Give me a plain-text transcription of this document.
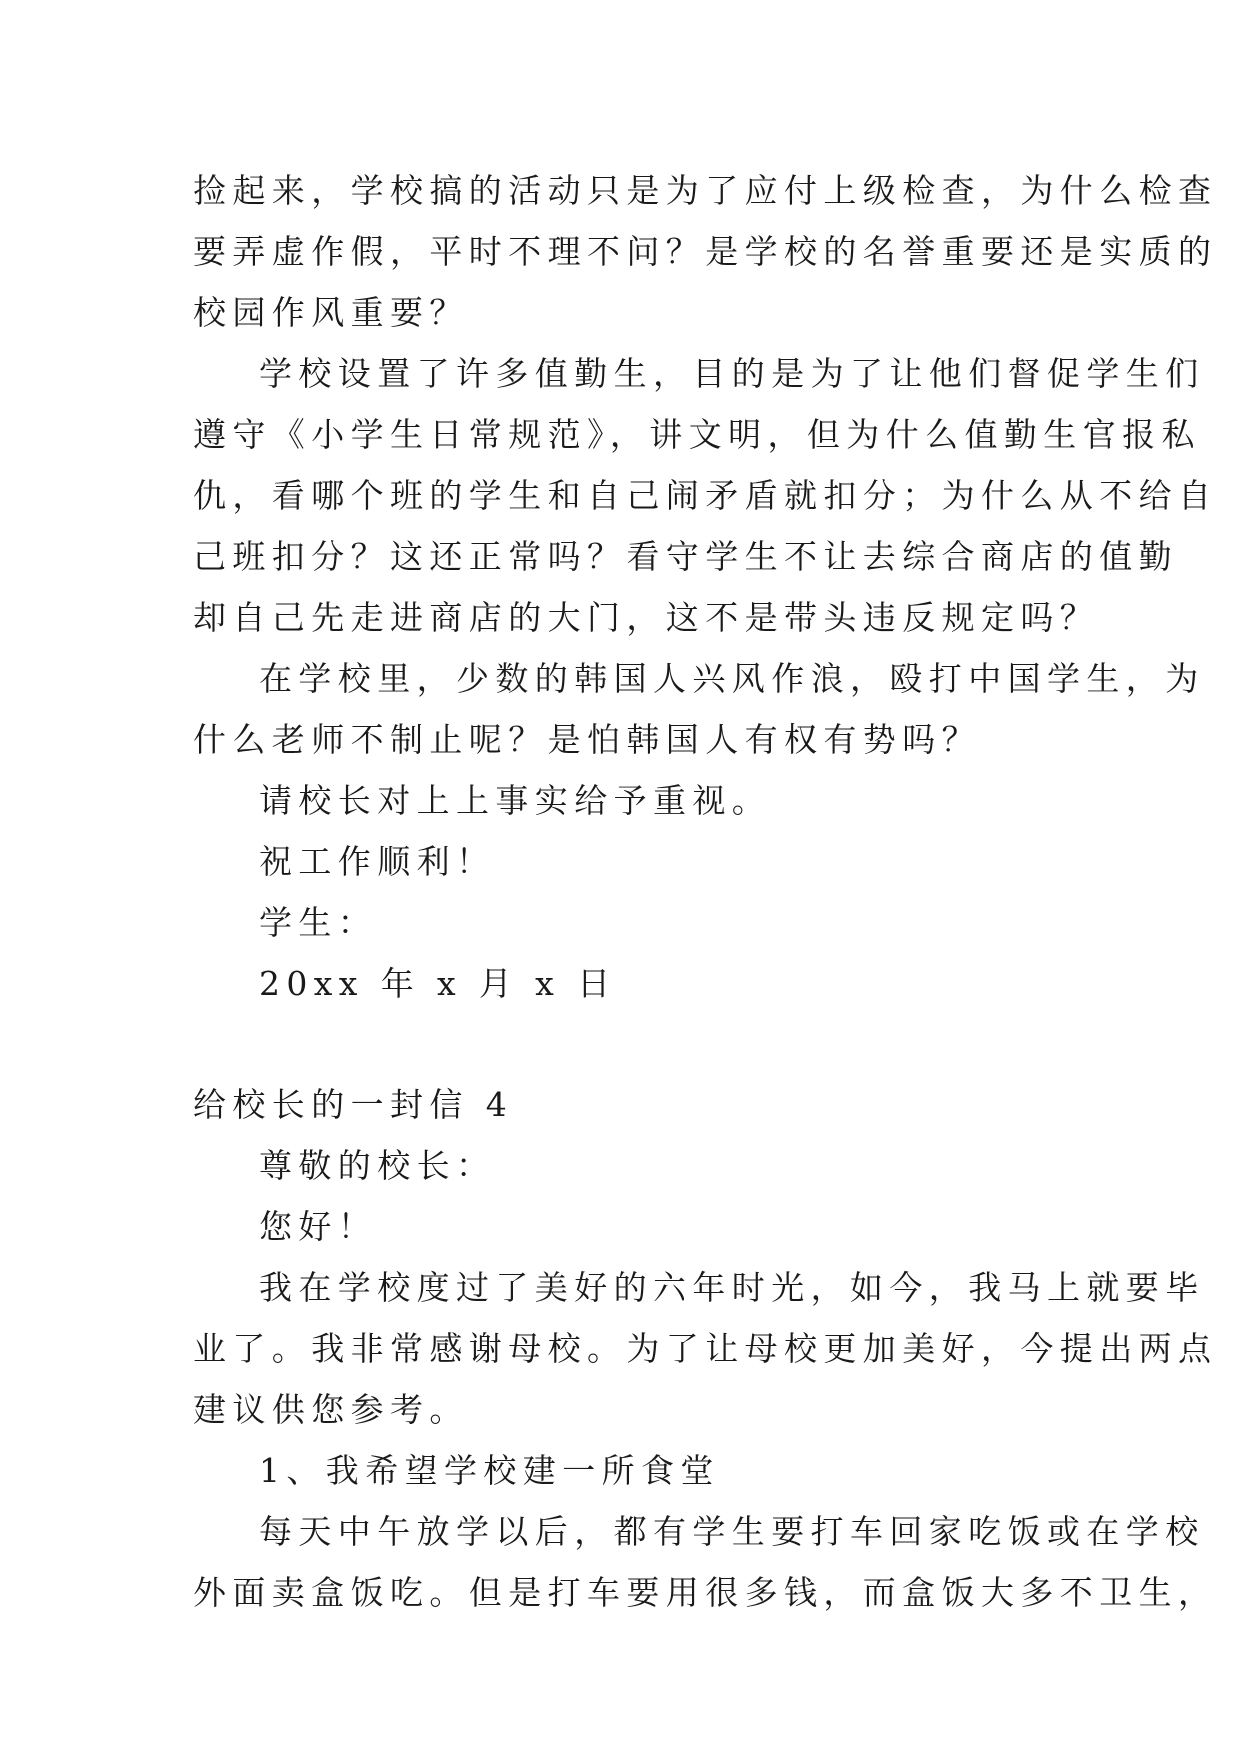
捡起来，学校搞的活动只是为了应付上级检查，为什么检查
要弄虚作假，平时不理不问？是学校的名誉重要还是实质的
校园作风重要？
学校设置了许多值勤生，目的是为了让他们督促学生们
遵守《小学生日常规范》，讲文明，但为什么值勤生官报私
仇，看哪个班的学生和自己闹矛盾就扣分；为什么从不给自
己班扣分？这还正常吗？看守学生不让去综合商店的值勤
却自己先走进商店的大门，这不是带头违反规定吗？
在学校里，少数的韩国人兴风作浪，殴打中国学生，为
什么老师不制止呢？是怕韩国人有权有势吗？
请校长对上上事实给予重视。
祝工作顺利！
学生：
20xx 年 x 月 x 日
给校长的一封信 4
尊敬的校长：
您好！
我在学校度过了美好的六年时光，如今，我马上就要毕
业了。我非常感谢母校。为了让母校更加美好，今提出两点
建议供您参考。
1、我希望学校建一所食堂
每天中午放学以后，都有学生要打车回家吃饭或在学校
外面卖盒饭吃。但是打车要用很多钱，而盒饭大多不卫生，
